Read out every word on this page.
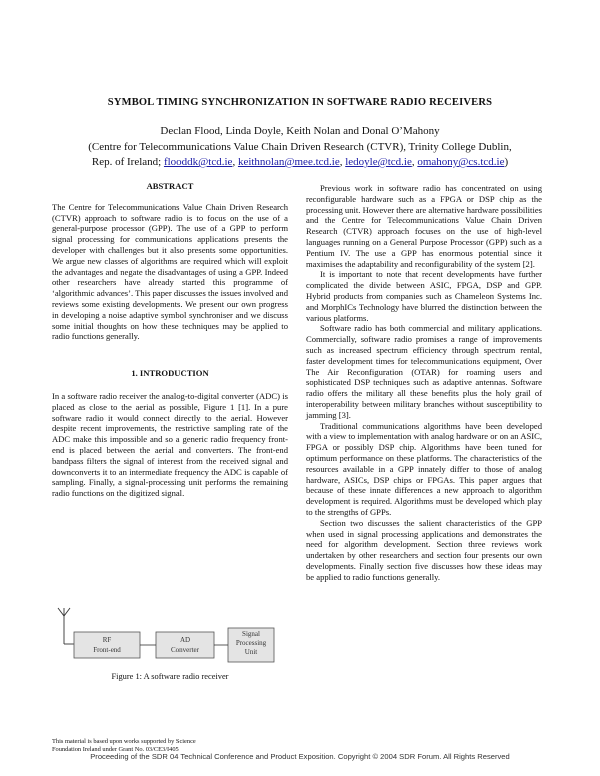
SYMBOL TIMING SYNCHRONIZATION IN SOFTWARE RADIO RECEIVERS
Declan Flood, Linda Doyle, Keith Nolan and Donal O’Mahony
(Centre for Telecommunications Value Chain Driven Research (CTVR), Trinity College Dublin,
Rep. of Ireland; flooddk@tcd.ie, keithnolan@mee.tcd.ie, ledoyle@tcd.ie, omahony@cs.tcd.ie)

ABSTRACT

The Centre for Telecommunications Value Chain Driven Research (CTVR) approach to software radio is to focus on the use of a general-purpose processor (GPP). The use of a GPP to perform signal processing for communications applications presents the developer with challenges but it also presents some opportunities. We argue new classes of algorithms are required which will exploit the advantages and negate the disadvantages of using a GPP. Indeed other researchers have already started this programme of ‘algorithmic advances’. This paper discusses the issues involved and reviews some existing developments. We present our own progress in developing a noise adaptive symbol synchroniser and we discuss some initial thoughts on how these techniques may be applied to radio functions generally.

1. INTRODUCTION

In a software radio receiver the analog-to-digital converter (ADC) is placed as close to the aerial as possible, Figure 1 [1]. In a pure software radio it would connect directly to the aerial. However despite recent improvements, the restrictive sampling rate of the ADC make this impossible and so a generic radio frequency front-end is placed between the aerial and converters. The front-end bandpass filters the signal of interest from the received signal and downconverts it to an intermediate frequency the ADC is capable of sampling. Finally, a signal-processing unit performs the remaining radio functions on the digitized signal.

RF
Front-end
AD
Converter
Signal
Processing
Unit
Figure 1: A software radio receiver

Previous work in software radio has concentrated on using reconfigurable hardware such as a FPGA or DSP chip as the processing unit. However there are alternative hardware possibilities and the Centre for Telecommunications Value Chain Driven Research (CTVR) approach focuses on the use of high-level languages running on a General Purpose Processor (GPP) such as a Pentium IV. The use a GPP has enormous potential since it maximises the adaptability and reconfigurability of the system [2].

It is important to note that recent developments have further complicated the divide between ASIC, FPGA, DSP and GPP. Hybrid products from companies such as Chameleon Systems Inc. and MorphICs Technology have blurred the distinction between the various platforms.

Software radio has both commercial and military applications. Commercially, software radio promises a range of improvements such as increased spectrum efficiency through spectrum rental, faster development times for telecommunications equipment, Over The Air Reconfiguration (OTAR) for roaming users and sophisticated DSP techniques such as adaptive antennas. Software radio offers the military all these benefits plus the holy grail of interoperability between military branches without susceptibility to jamming [3].

Traditional communications algorithms have been developed with a view to implementation with analog hardware or on an ASIC, FPGA or possibly DSP chip. Algorithms have been tuned for optimum performance on these platforms. The characteristics of the resources available in a GPP innately differ to those of analog hardware, ASICs, DSP chips or FPGAs. This paper argues that because of these innate differences a new approach to algorithm development is required. Algorithms must be developed which play to the strengths of GPPs.

Section two discusses the salient characteristics of the GPP when used in signal processing applications and demonstrates the need for algorithm development. Section three reviews work undertaken by other researchers and section four presents our own developments. Finally section five discusses how these ideas may be applied to radio functions generally.

This material is based upon works supported by Science
Foundation Ireland under Grant No. 03/CE3/I405
Proceeding of the SDR 04 Technical Conference and Product Exposition. Copyright © 2004 SDR Forum. All Rights Reserved
